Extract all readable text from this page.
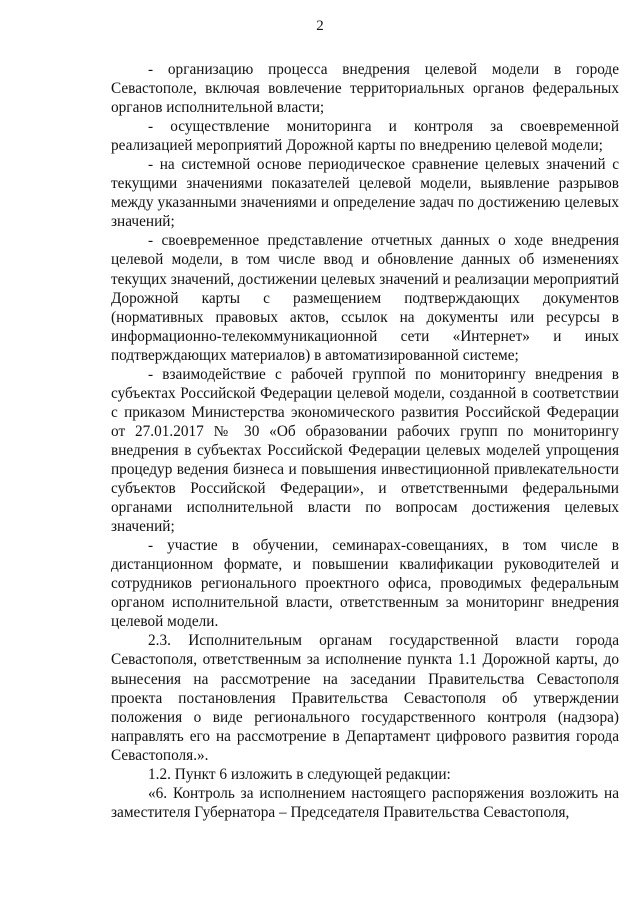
2

- организацию процесса внедрения целевой модели в городе Севастополе, включая вовлечение территориальных органов федеральных органов исполнительной власти;

- осуществление мониторинга и контроля за своевременной реализацией мероприятий Дорожной карты по внедрению целевой модели;

- на системной основе периодическое сравнение целевых значений с текущими значениями показателей целевой модели, выявление разрывов между указанными значениями и определение задач по достижению целевых значений;

- своевременное представление отчетных данных о ходе внедрения целевой модели, в том числе ввод и обновление данных об изменениях текущих значений, достижении целевых значений и реализации мероприятий Дорожной карты с размещением подтверждающих документов (нормативных правовых актов, ссылок на документы или ресурсы в информационно-телекоммуникационной сети «Интернет» и иных подтверждающих материалов) в автоматизированной системе;

- взаимодействие с рабочей группой по мониторингу внедрения в субъектах Российской Федерации целевой модели, созданной в соответствии с приказом Министерства экономического развития Российской Федерации от 27.01.2017 № 30 «Об образовании рабочих групп по мониторингу внедрения в субъектах Российской Федерации целевых моделей упрощения процедур ведения бизнеса и повышения инвестиционной привлекательности субъектов Российской Федерации», и ответственными федеральными органами исполнительной власти по вопросам достижения целевых значений;

- участие в обучении, семинарах-совещаниях, в том числе в дистанционном формате, и повышении квалификации руководителей и сотрудников регионального проектного офиса, проводимых федеральным органом исполнительной власти, ответственным за мониторинг внедрения целевой модели.

2.3. Исполнительным органам государственной власти города Севастополя, ответственным за исполнение пункта 1.1 Дорожной карты, до вынесения на рассмотрение на заседании Правительства Севастополя проекта постановления Правительства Севастополя об утверждении положения о виде регионального государственного контроля (надзора) направлять его на рассмотрение в Департамент цифрового развития города Севастополя.».

1.2. Пункт 6 изложить в следующей редакции:

«6. Контроль за исполнением настоящего распоряжения возложить на заместителя Губернатора – Председателя Правительства Севастополя,
